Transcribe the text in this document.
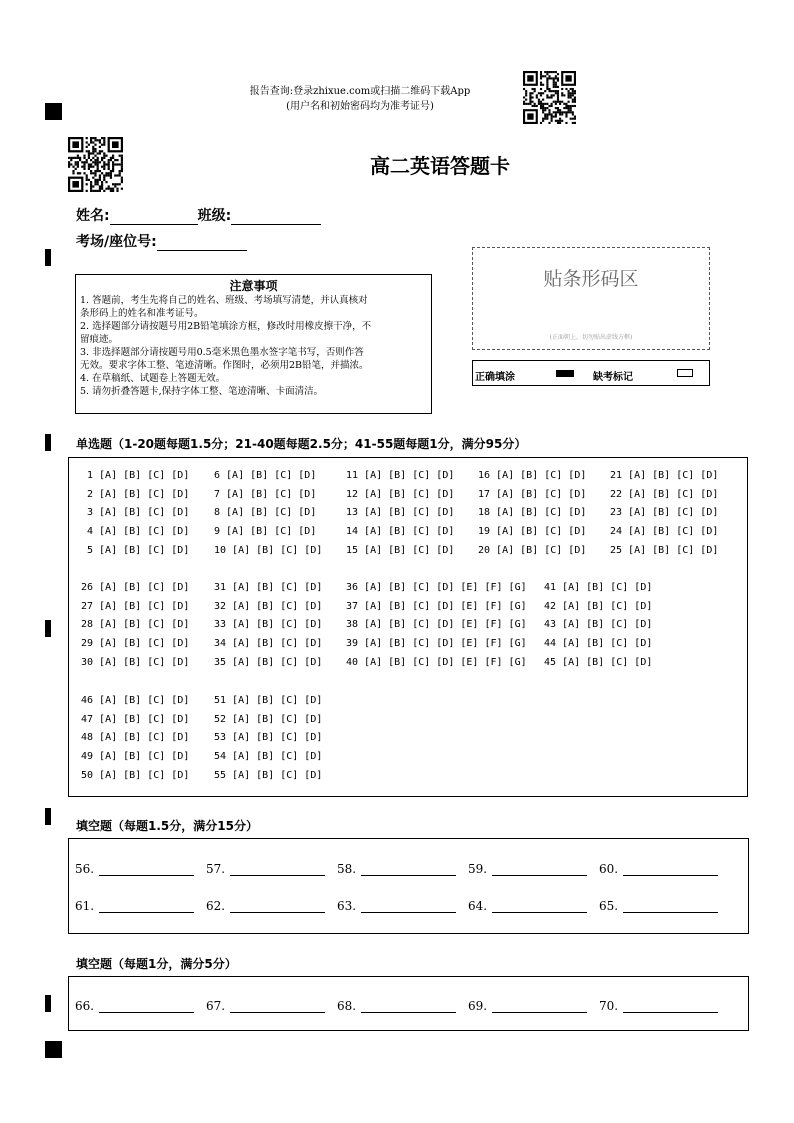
报告查询:登录zhixue.com或扫描二维码下载App
(用户名和初始密码均为准考证号)
高二英语答题卡
姓名:	班级:
考场/座位号:
注意事项
1. 答题前，考生先将自己的姓名、班级、考场填写清楚，并认真核对
条形码上的姓名和准考证号。
2. 选择题部分请按题号用2B铅笔填涂方框，修改时用橡皮擦干净，不
留痕迹。
3. 非选择题部分请按题号用0.5毫米黑色墨水签字笔书写，否则作答
无效。要求字体工整、笔迹清晰。作图时，必须用2B铅笔，并描浓。
4. 在草稿纸、试题卷上答题无效。
5. 请勿折叠答题卡,保持字体工整、笔迹清晰、卡面清洁。
贴条形码区
(正面朝上，切勿贴出虚线方框)
正确填涂	缺考标记
单选题（1-20题每题1.5分；21-40题每题2.5分；41-55题每题1分，满分95分）
1 [A] [B] [C] [D] 6 [A] [B] [C] [D]	11 [A] [B] [C] [D] 16 [A] [B] [C] [D] 21 [A] [B] [C] [D]
2 [A] [B] [C] [D] 7 [A] [B] [C] [D]	12 [A] [B] [C] [D] 17 [A] [B] [C] [D] 22 [A] [B] [C] [D]
3 [A] [B] [C] [D] 8 [A] [B] [C] [D]	13 [A] [B] [C] [D] 18 [A] [B] [C] [D] 23 [A] [B] [C] [D]
4 [A] [B] [C] [D] 9 [A] [B] [C] [D]	14 [A] [B] [C] [D] 19 [A] [B] [C] [D] 24 [A] [B] [C] [D]
5 [A] [B] [C] [D] 10 [A] [B] [C] [D] 15 [A] [B] [C] [D] 20 [A] [B] [C] [D] 25 [A] [B] [C] [D]
26 [A] [B] [C] [D] 31 [A] [B] [C] [D] 36 [A] [B] [C] [D] [E] [F] [G] 41 [A] [B] [C] [D]
27 [A] [B] [C] [D] 32 [A] [B] [C] [D] 37 [A] [B] [C] [D] [E] [F] [G] 42 [A] [B] [C] [D]
28 [A] [B] [C] [D] 33 [A] [B] [C] [D] 38 [A] [B] [C] [D] [E] [F] [G] 43 [A] [B] [C] [D]
29 [A] [B] [C] [D] 34 [A] [B] [C] [D] 39 [A] [B] [C] [D] [E] [F] [G] 44 [A] [B] [C] [D]
30 [A] [B] [C] [D] 35 [A] [B] [C] [D] 40 [A] [B] [C] [D] [E] [F] [G] 45 [A] [B] [C] [D]
46 [A] [B] [C] [D] 51 [A] [B] [C] [D]
47 [A] [B] [C] [D] 52 [A] [B] [C] [D]
48 [A] [B] [C] [D] 53 [A] [B] [C] [D]
49 [A] [B] [C] [D] 54 [A] [B] [C] [D]
50 [A] [B] [C] [D] 55 [A] [B] [C] [D]
填空题（每题1.5分，满分15分）
56.	57.	58.	59.	60.
61.	62.	63.	64.	65.
填空题（每题1分，满分5分）
66.	67.	68.	69.	70.
